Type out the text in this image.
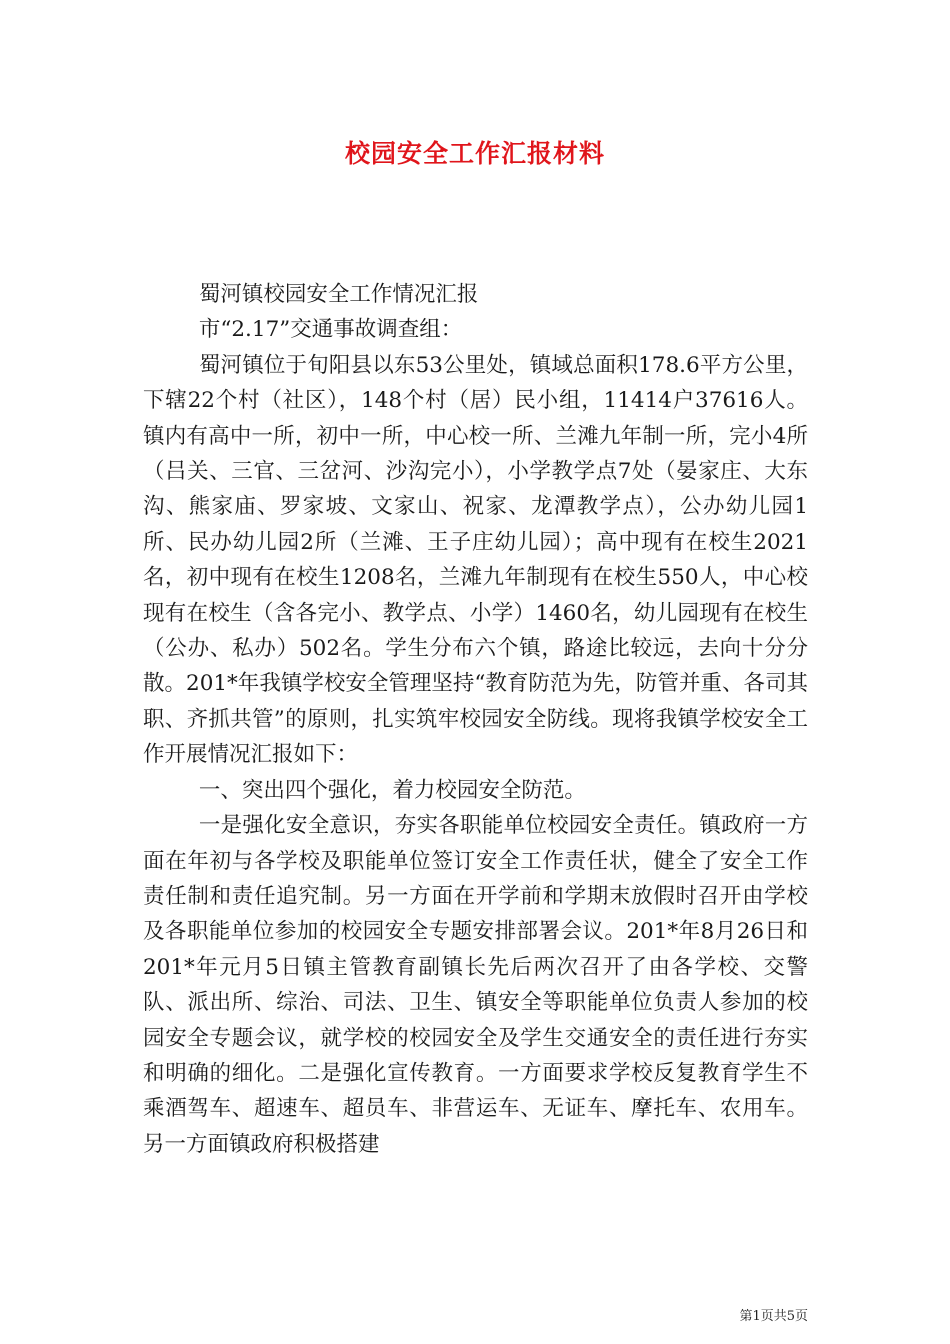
校园安全工作汇报材料

蜀河镇校园安全工作情况汇报

市“2.17”交通事故调查组：

蜀河镇位于旬阳县以东53公里处，镇域总面积178.6平方公里，下辖22个村（社区），148个村（居）民小组，11414户37616人。镇内有高中一所，初中一所，中心校一所、兰滩九年制一所，完小4所（吕关、三官、三岔河、沙沟完小），小学教学点7处（晏家庄、大东沟、熊家庙、罗家坡、文家山、祝家、龙潭教学点），公办幼儿园1所、民办幼儿园2所（兰滩、王子庄幼儿园）；高中现有在校生2021名，初中现有在校生1208名，兰滩九年制现有在校生550人，中心校现有在校生（含各完小、教学点、小学）1460名，幼儿园现有在校生（公办、私办）502名。学生分布六个镇，路途比较远，去向十分分散。201*年我镇学校安全管理坚持“教育防范为先，防管并重、各司其职、齐抓共管”的原则，扎实筑牢校园安全防线。现将我镇学校安全工作开展情况汇报如下：

一、突出四个强化，着力校园安全防范。

一是强化安全意识，夯实各职能单位校园安全责任。镇政府一方面在年初与各学校及职能单位签订安全工作责任状，健全了安全工作责任制和责任追究制。另一方面在开学前和学期末放假时召开由学校及各职能单位参加的校园安全专题安排部署会议。201*年8月26日和201*年元月5日镇主管教育副镇长先后两次召开了由各学校、交警队、派出所、综治、司法、卫生、镇安全等职能单位负责人参加的校园安全专题会议，就学校的校园安全及学生交通安全的责任进行夯实和明确的细化。二是强化宣传教育。一方面要求学校反复教育学生不乘酒驾车、超速车、超员车、非营运车、无证车、摩托车、农用车。另一方面镇政府积极搭建

第1页共5页
